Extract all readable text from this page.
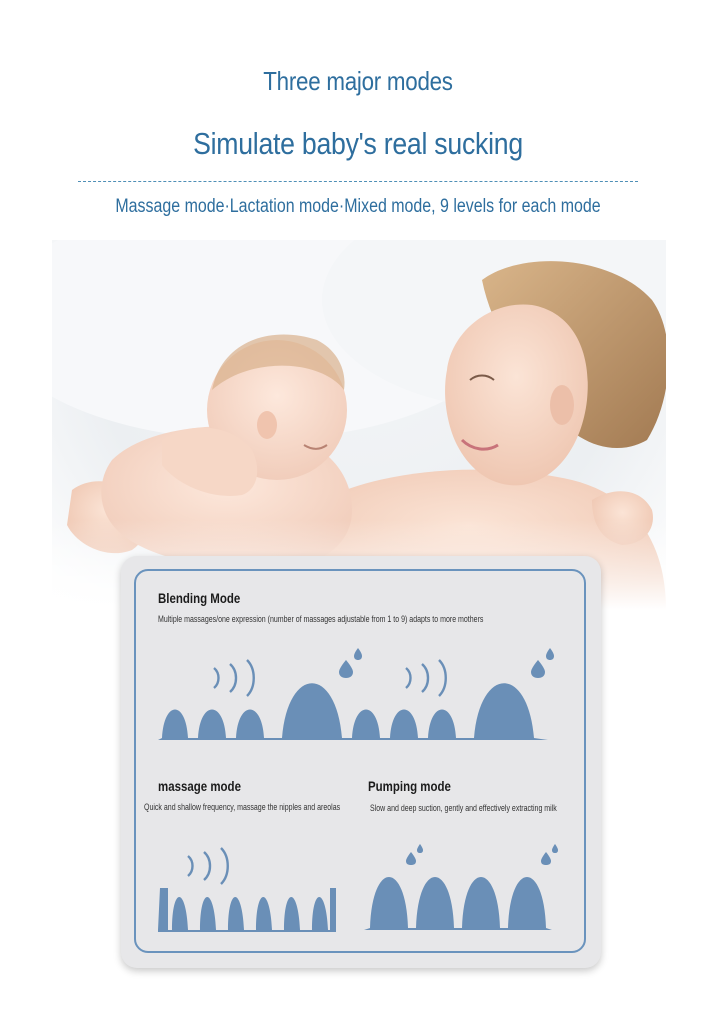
Three major modes
Simulate baby's real sucking
Massage mode·Lactation mode·Mixed mode, 9 levels for each mode
Blending Mode
Multiple massages/one expression (number of massages adjustable from 1 to 9) adapts to more mothers
massage mode
Quick and shallow frequency, massage the nipples and areolas
Pumping mode
Slow and deep suction, gently and effectively extracting milk
